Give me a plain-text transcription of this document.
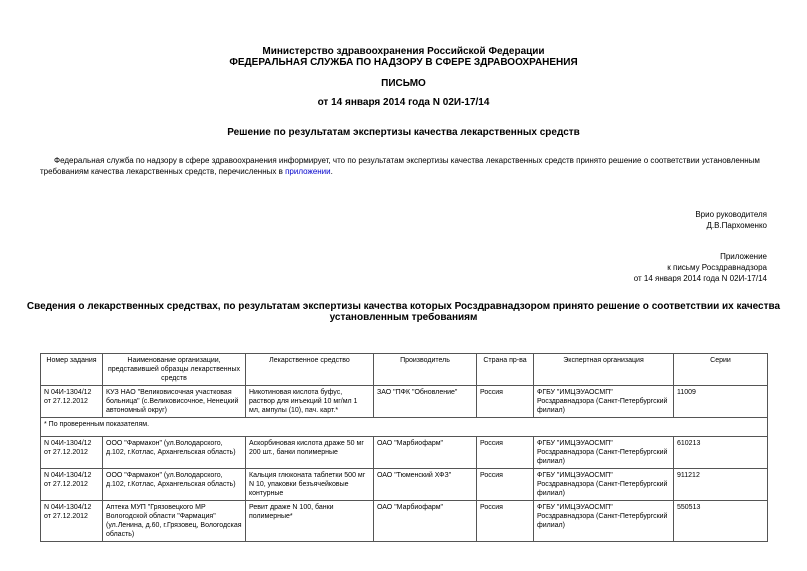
Министерство здравоохранения Российской Федерации
ФЕДЕРАЛЬНАЯ СЛУЖБА ПО НАДЗОРУ В СФЕРЕ ЗДРАВООХРАНЕНИЯ
ПИСЬМО
от 14 января 2014 года N 02И-17/14
Решение по результатам экспертизы качества лекарственных средств
Федеральная служба по надзору в сфере здравоохранения информирует, что по результатам экспертизы качества лекарственных средств принято решение о соответствии установленным требованиям качества лекарственных средств, перечисленных в приложении.
Врио руководителя
Д.В.Пархоменко
Приложение
к письму Росздравнадзора
от 14 января 2014 года N 02И-17/14
Сведения о лекарственных средствах, по результатам экспертизы качества которых Росздравнадзором принято решение о соответствии их качества
установленным требованиям
Номер задания	Наименование организации, представившей образцы лекарственных средств	Лекарственное средство	Производитель	Страна пр-ва	Экспертная организация	Серии
N 04И-1304/12 от 27.12.2012	КУЗ НАО "Великовисочная участковая больница" (с.Великовисочное, Ненецкий автономный округ)	Никотиновая кислота буфус, раствор для инъекций 10 мг/мл 1 мл, ампулы (10), пач. карт.*	ЗАО "ПФК "Обновление"	Россия	ФГБУ "ИМЦЭУАОСМП" Росздравнадзора (Санкт-Петербургский филиал)	11009
* По проверенным показателям.						
N 04И-1304/12 от 27.12.2012	ООО "Фармакон" (ул.Володарского, д.102, г.Котлас, Архангельская область)	Аскорбиновая кислота драже 50 мг 200 шт., банки полимерные	ОАО "Марбиофарм"	Россия	ФГБУ "ИМЦЭУАОСМП" Росздравнадзора (Санкт-Петербургский филиал)	610213
N 04И-1304/12 от 27.12.2012	ООО "Фармакон" (ул.Володарского, д.102, г.Котлас, Архангельская область)	Кальция глюконата таблетки 500 мг N 10, упаковки безъячейковые контурные	ОАО "Тюменский ХФЗ"	Россия	ФГБУ "ИМЦЭУАОСМП" Росздравнадзора (Санкт-Петербургский филиал)	911212
N 04И-1304/12 от 27.12.2012	Аптека МУП "Грязовецкого МР Вологодской области "Фармация" (ул.Ленина, д.60, г.Грязовец, Вологодская область)	Ревит драже N 100, банки полимерные*	ОАО "Марбиофарм"	Россия	ФГБУ "ИМЦЭУАОСМП" Росздравнадзора (Санкт-Петербургский филиал)	550513
